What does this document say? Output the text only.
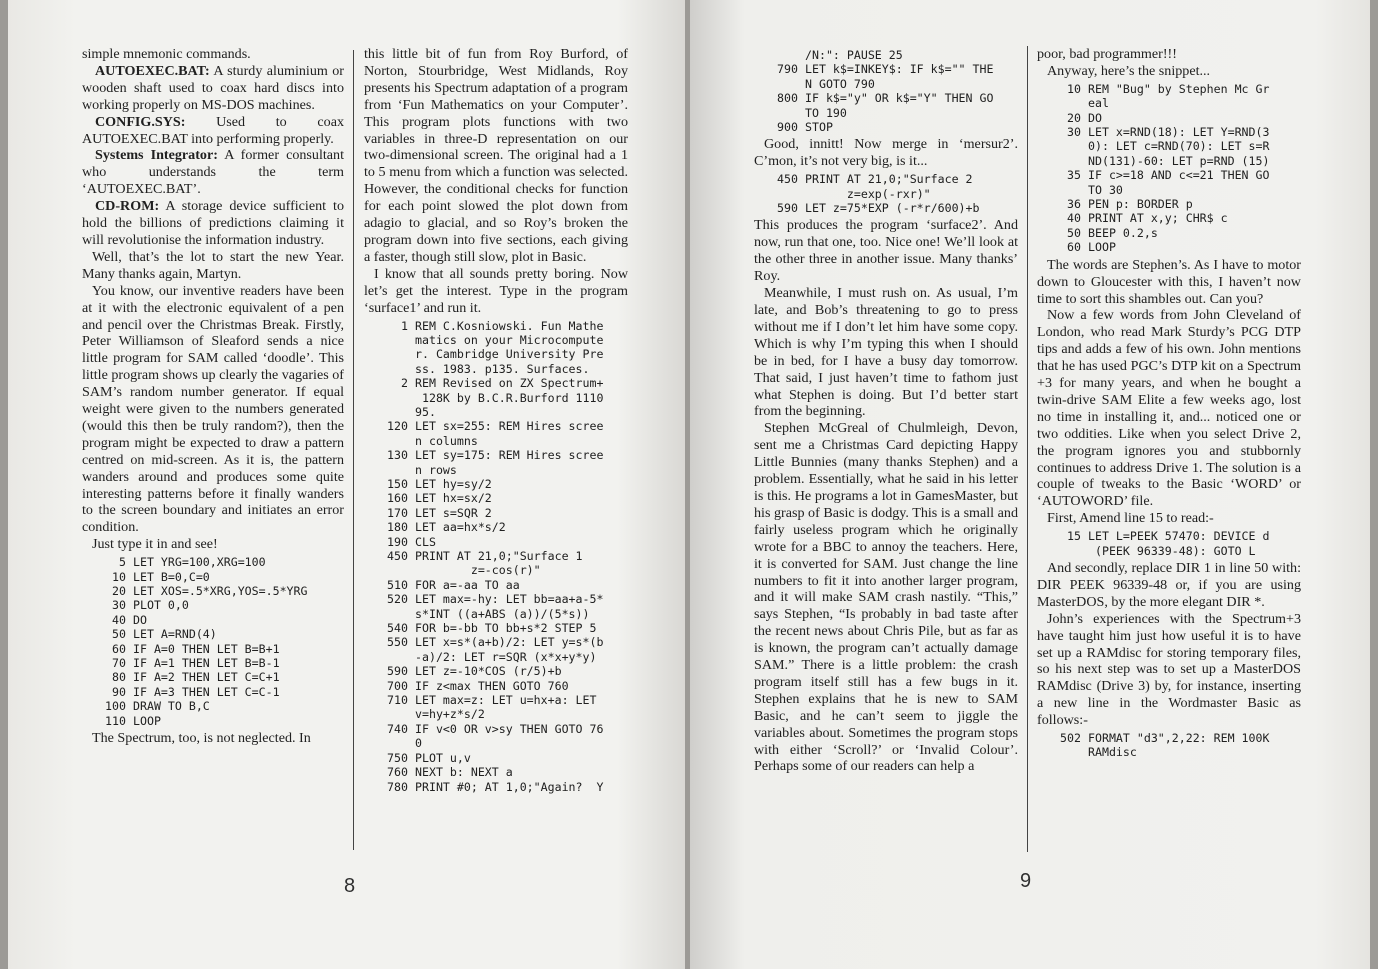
simple mnemonic commands.

AUTOEXEC.BAT: A sturdy aluminium or wooden shaft used to coax hard discs into working properly on MS-DOS machines.

CONFIG.SYS: Used to coax AUTOEXEC.BAT into performing properly.

Systems Integrator: A former consultant who understands the term ‘AUTOEXEC.BAT’.

CD-ROM: A storage device sufficient to hold the billions of predictions claiming it will revolutionise the information industry.

Well, that’s the lot to start the new Year. Many thanks again, Martyn.

You know, our inventive readers have been at it with the electronic equivalent of a pen and pencil over the Christmas Break. Firstly, Peter Williamson of Sleaford sends a nice little program for SAM called ‘doodle’. This little program shows up clearly the vagaries of SAM’s random number generator. If equal weight were given to the numbers generated (would this then be truly random?), then the program might be expected to draw a pattern centred on mid-screen. As it is, the pattern wanders around and produces some quite interesting patterns before it finally wanders to the screen boundary and initiates an error condition.

Just type it in and see!

5 LET YRG=100,XRG=100
10 LET B=0,C=0
20 LET XOS=.5*XRG,YOS=.5*YRG
30 PLOT 0,0
40 DO
50 LET A=RND(4)
60 IF A=0 THEN LET B=B+1
70 IF A=1 THEN LET B=B-1
80 IF A=2 THEN LET C=C+1
90 IF A=3 THEN LET C=C-1
100 DRAW TO B,C
110 LOOP

The Spectrum, too, is not neglected. In

this little bit of fun from Roy Burford, of Norton, Stourbridge, West Midlands, Roy presents his Spectrum adaptation of a program from ‘Fun Mathematics on your Computer’. This program plots functions with two variables in three-D representation on our two-dimensional screen. The original had a 1 to 5 menu from which a function was selected. However, the conditional checks for function for each point slowed the plot down from adagio to glacial, and so Roy’s broken the program down into five sections, each giving a faster, though still slow, plot in Basic.

I know that all sounds pretty boring. Now let’s get the interest. Type in the program ‘surface1’ and run it.

1 REM C.Kosniowski. Fun Mathe
matics on your Microcompute
r. Cambridge University Pre
ss. 1983. p135. Surfaces.
2 REM Revised on ZX Spectrum+
128K by B.C.R.Burford 1110
95.
120 LET sx=255: REM Hires scree
n columns
130 LET sy=175: REM Hires scree
n rows
150 LET hy=sy/2
160 LET hx=sx/2
170 LET s=SQR 2
180 LET aa=hx*s/2
190 CLS
450 PRINT AT 21,0;"Surface 1
z=-cos(r)"
510 FOR a=-aa TO aa
520 LET max=-hy: LET bb=aa+a-5*
s*INT ((a+ABS (a))/(5*s))
540 FOR b=-bb TO bb+s*2 STEP 5
550 LET x=s*(a+b)/2: LET y=s*(b
-a)/2: LET r=SQR (x*x+y*y)
590 LET z=-10*COS (r/5)+b
700 IF z<max THEN GOTO 760
710 LET max=z: LET u=hx+a: LET
v=hy+z*s/2
740 IF v<0 OR v>sy THEN GOTO 76
0
750 PLOT u,v
760 NEXT b: NEXT a
780 PRINT #0; AT 1,0;"Again?  Y
8
/N:": PAUSE 25
790 LET k$=INKEY$: IF k$="" THE
N GOTO 790
800 IF k$="y" OR k$="Y" THEN GO
TO 190
900 STOP

Good, innitt! Now merge in ‘mersur2’. C’mon, it’s not very big, is it...

450 PRINT AT 21,0;"Surface 2
z=exp(-rxr)"
590 LET z=75*EXP (-r*r/600)+b

This produces the program ‘surface2’. And now, run that one, too. Nice one! We’ll look at the other three in another issue. Many thanks’ Roy.

Meanwhile, I must rush on. As usual, I’m late, and Bob’s threatening to go to press without me if I don’t let him have some copy. Which is why I’m typing this when I should be in bed, for I have a busy day tomorrow. That said, I just haven’t time to fathom just what Stephen is doing. But I’d better start from the beginning.

Stephen McGreal of Chulmleigh, Devon, sent me a Christmas Card depicting Happy Little Bunnies (many thanks Stephen) and a problem. Essentially, what he said in his letter is this. He programs a lot in GamesMaster, but his grasp of Basic is dodgy. This is a small and fairly useless program which he originally wrote for a BBC to annoy the teachers. Here, it is converted for SAM. Just change the line numbers to fit it into another larger program, and it will make SAM crash nastily. “This,” says Stephen, “Is probably in bad taste after the recent news about Chris Pile, but as far as is known, the program can’t actually damage SAM.” There is a little problem: the crash program itself still has a few bugs in it. Stephen explains that he is new to SAM Basic, and he can’t seem to jiggle the variables about. Sometimes the program stops with either ‘Scroll?’ or ‘Invalid Colour’. Perhaps some of our readers can help a

poor, bad programmer!!!

Anyway, here’s the snippet...

10 REM "Bug" by Stephen Mc Gr
eal
20 DO
30 LET x=RND(18): LET Y=RND(3
0): LET c=RND(70): LET s=R
ND(131)-60: LET p=RND (15)
35 IF c>=18 AND c<=21 THEN GO
TO 30
36 PEN p: BORDER p
40 PRINT AT x,y; CHR$ c
50 BEEP 0.2,s
60 LOOP

The words are Stephen’s. As I have to motor down to Gloucester with this, I haven’t now time to sort this shambles out. Can you?

Now a few words from John Cleveland of London, who read Mark Sturdy’s PCG DTP tips and adds a few of his own. John mentions that he has used PGC’s DTP kit on a Spectrum +3 for many years, and when he bought a twin-drive SAM Elite a few weeks ago, lost no time in installing it, and... noticed one or two oddities. Like when you select Drive 2, the program ignores you and stubbornly continues to address Drive 1. The solution is a couple of tweaks to the Basic ‘WORD’ or ‘AUTOWORD’ file.

First, Amend line 15 to read:-

15 LET L=PEEK 57470: DEVICE d
(PEEK 96339-48): GOTO L

And secondly, replace DIR 1 in line 50 with: DIR PEEK 96339-48 or, if you are using MasterDOS, by the more elegant DIR *.

John’s experiences with the Spectrum+3 have taught him just how useful it is to have set up a RAMdisc for storing temporary files, so his next step was to set up a MasterDOS RAMdisc (Drive 3) by, for instance, inserting a new line in the Wordmaster Basic as follows:-

502 FORMAT "d3",2,22: REM 100K
RAMdisc
9
